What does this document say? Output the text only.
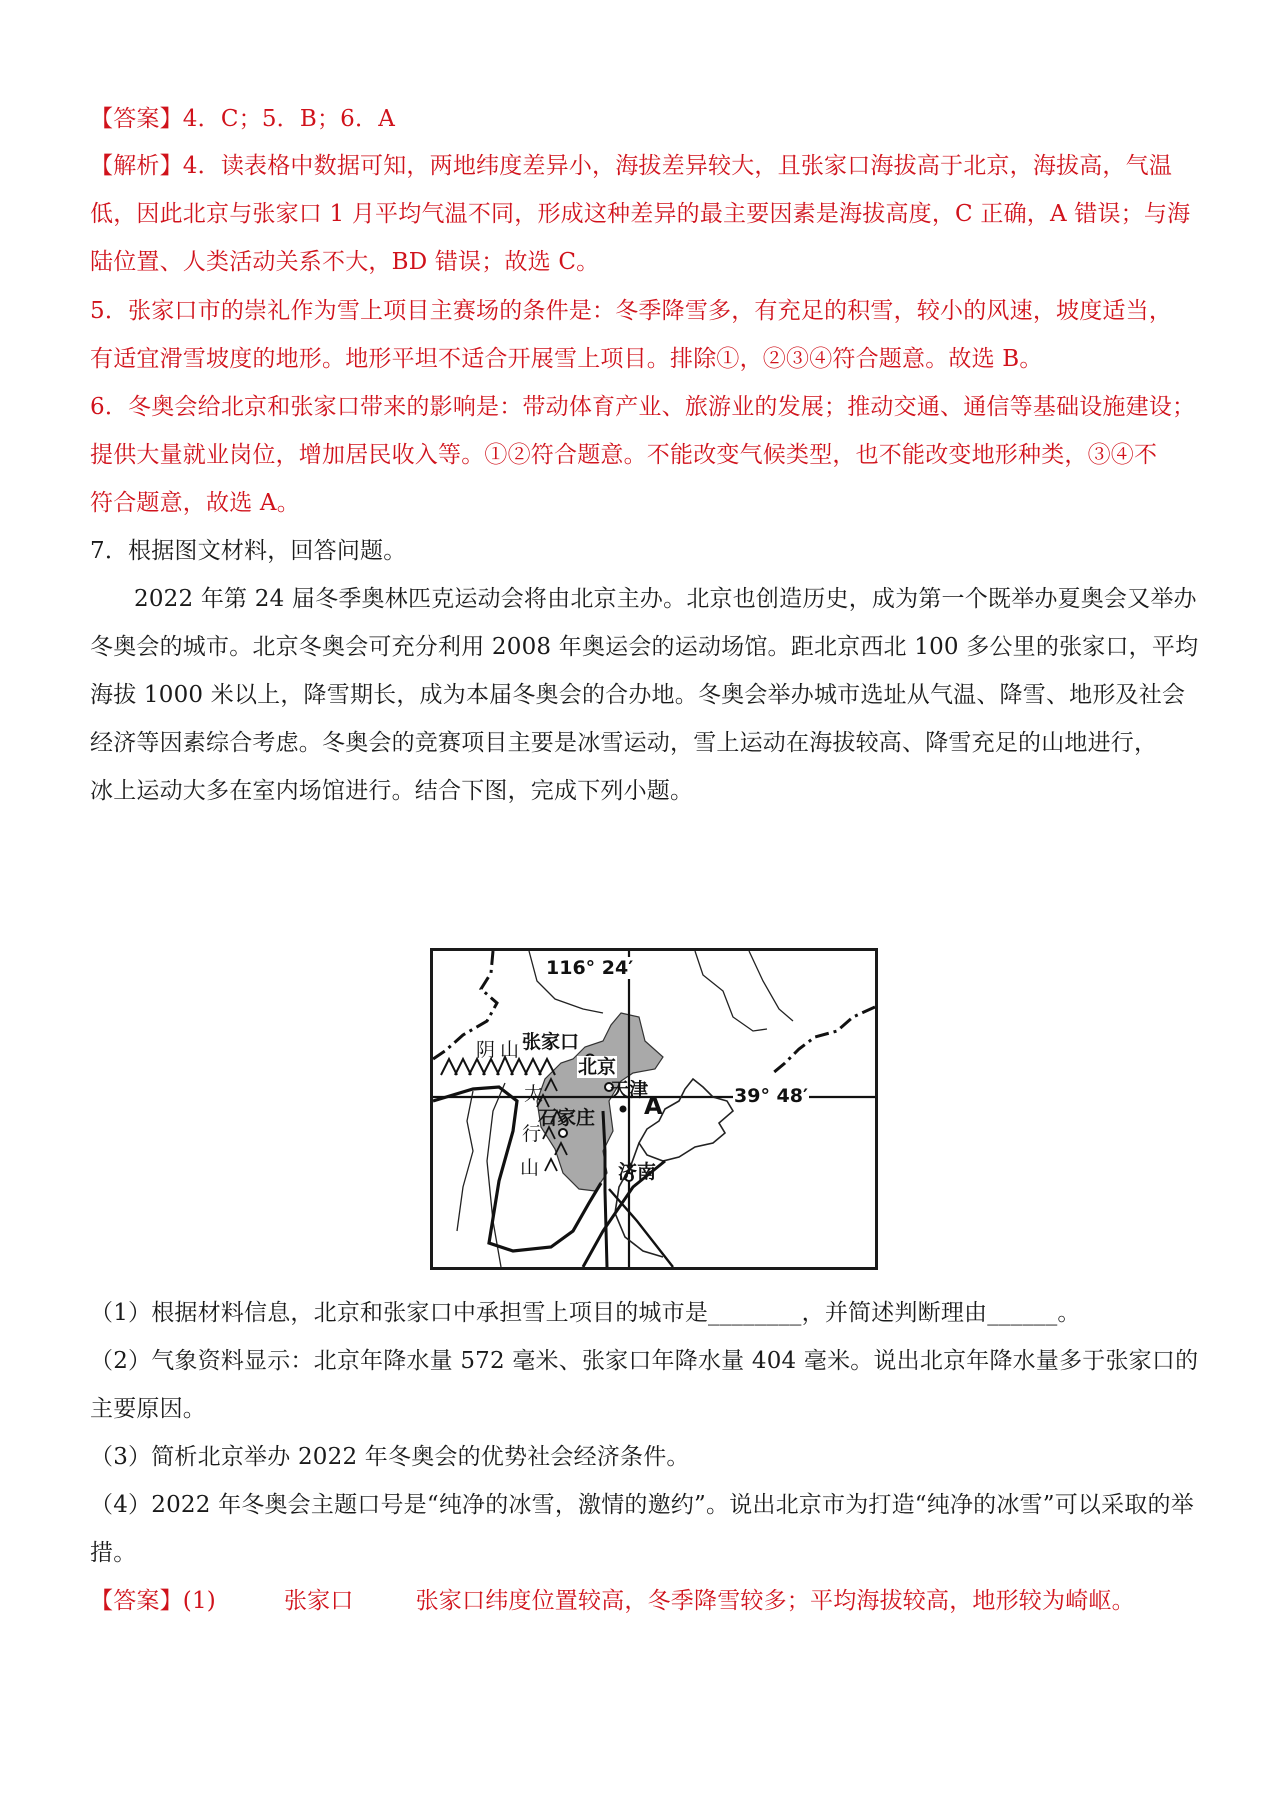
【答案】4．C；5．B；6．A
【解析】4．读表格中数据可知，两地纬度差异小，海拔差异较大，且张家口海拔高于北京，海拔高，气温
低，因此北京与张家口 1 月平均气温不同，形成这种差异的最主要因素是海拔高度，C 正确，A 错误；与海
陆位置、人类活动关系不大，BD 错误；故选 C。
5．张家口市的崇礼作为雪上项目主赛场的条件是：冬季降雪多，有充足的积雪，较小的风速，坡度适当，
有适宜滑雪坡度的地形。地形平坦不适合开展雪上项目。排除①，②③④符合题意。故选 B。
6．冬奥会给北京和张家口带来的影响是：带动体育产业、旅游业的发展；推动交通、通信等基础设施建设；
提供大量就业岗位，增加居民收入等。①②符合题意。不能改变气候类型，也不能改变地形种类，③④不
符合题意，故选 A。
7．根据图文材料，回答问题。
2022 年第 24 届冬季奥林匹克运动会将由北京主办。北京也创造历史，成为第一个既举办夏奥会又举办
冬奥会的城市。北京冬奥会可充分利用 2008 年奥运会的运动场馆。距北京西北 100 多公里的张家口，平均
海拔 1000 米以上，降雪期长，成为本届冬奥会的合办地。冬奥会举办城市选址从气温、降雪、地形及社会
经济等因素综合考虑。冬奥会的竞赛项目主要是冰雪运动，雪上运动在海拔较高、降雪充足的山地进行，
冰上运动大多在室内场馆进行。结合下图，完成下列小题。
116° 24′
39° 48′
张家口
北京
天津
石家庄
济南
A
阴 山
太
行
山
（1）根据材料信息，北京和张家口中承担雪上项目的城市是________，并简述判断理由______。
（2）气象资料显示：北京年降水量 572 毫米、张家口年降水量 404 毫米。说出北京年降水量多于张家口的
主要原因。
（3）简析北京举办 2022 年冬奥会的优势社会经济条件。
（4）2022 年冬奥会主题口号是“纯净的冰雪，激情的邀约”。说出北京市为打造“纯净的冰雪”可以采取的举
措。
【答案】(1)	张家口	张家口纬度位置较高，冬季降雪较多；平均海拔较高，地形较为崎岖。
